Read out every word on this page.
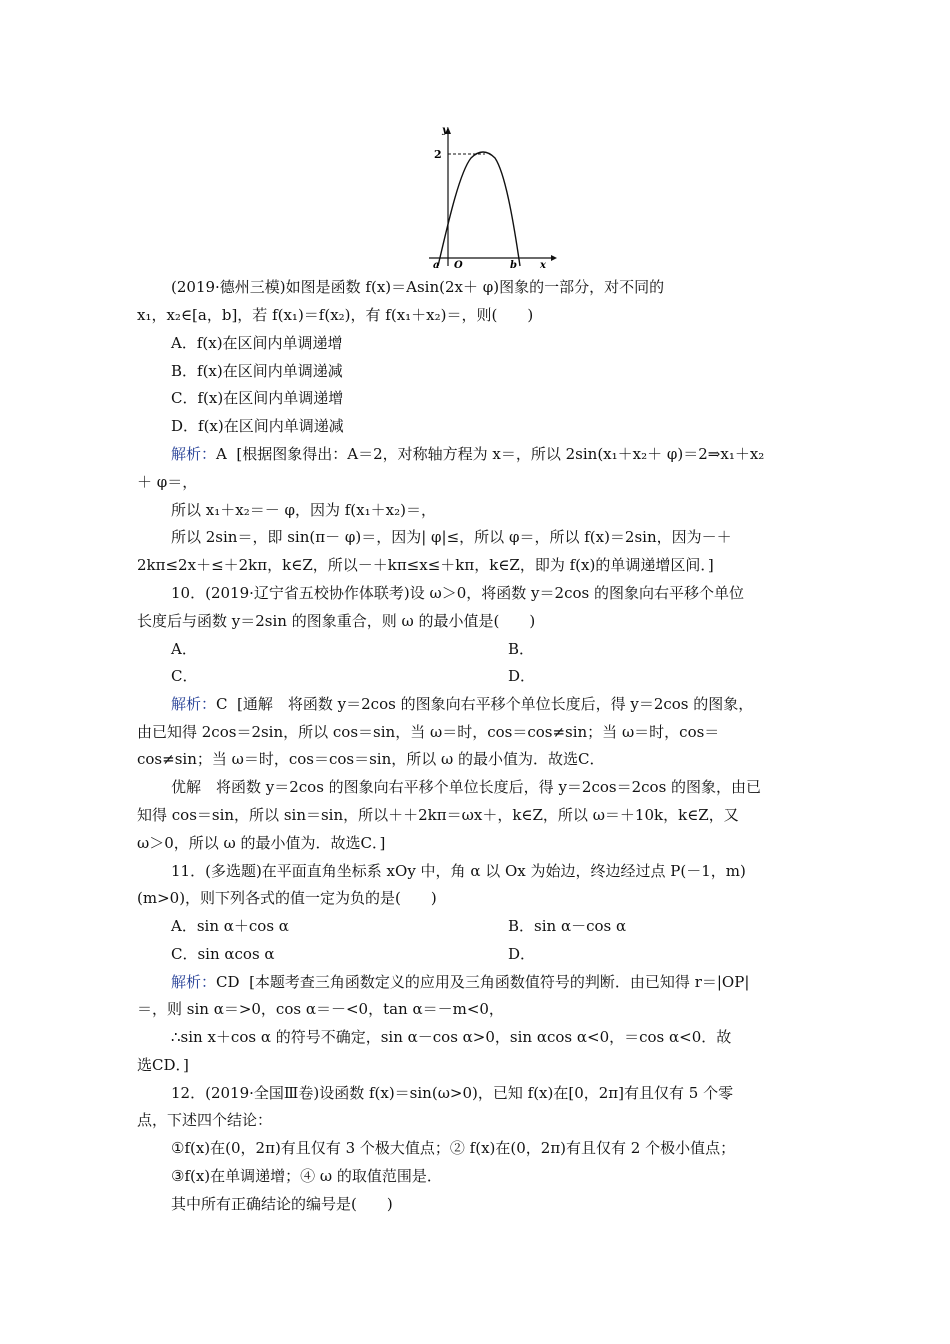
y
x
2
a O	b
(2019·德州三模)如图是函数 f(x)＝Asin(2x＋ φ)图象的一部分，对不同的
x₁，x₂∈[a，b]，若 f(x₁)＝f(x₂)，有 f(x₁＋x₂)＝，则(　　)
A．f(x)在区间内单调递增
B．f(x)在区间内单调递减
C．f(x)在区间内单调递增
D．f(x)在区间内单调递减
解析：A [根据图象得出：A＝2，对称轴方程为 x＝，所以 2sin(x₁＋x₂＋ φ)＝2⇒x₁＋x₂
＋ φ＝，
所以 x₁＋x₂＝－ φ，因为 f(x₁＋x₂)＝，
所以 2sin＝，即 sin(π－ φ)＝，因为| φ|≤，所以 φ＝，所以 f(x)＝2sin，因为－＋
2kπ≤2x＋≤＋2kπ，k∈Z，所以－＋kπ≤x≤＋kπ，k∈Z，即为 f(x)的单调递增区间．]
10．(2019·辽宁省五校协作体联考)设 ω＞0，将函数 y＝2cos 的图象向右平移个单位
长度后与函数 y＝2sin 的图象重合，则 ω 的最小值是(　　)
A．	B．
C．	D．
解析：C [通解　将函数 y＝2cos 的图象向右平移个单位长度后，得 y＝2cos 的图象，
由已知得 2cos＝2sin，所以 cos＝sin，当 ω＝时，cos＝cos≠sin；当 ω＝时，cos＝
cos≠sin；当 ω＝时，cos＝cos＝sin，所以 ω 的最小值为．故选C．
优解　将函数 y＝2cos 的图象向右平移个单位长度后，得 y＝2cos＝2cos 的图象，由已
知得 cos＝sin，所以 sin＝sin，所以＋＋2kπ＝ωx＋，k∈Z，所以 ω＝＋10k，k∈Z，又
ω＞0，所以 ω 的最小值为．故选C．]
11．(多选题)在平面直角坐标系 xOy 中，角 α 以 Ox 为始边，终边经过点 P(－1，m)
(m>0)，则下列各式的值一定为负的是(　　)
A．sin α＋cos α	B．sin α－cos α
C．sin αcos α	D．
解析：CD [本题考查三角函数定义的应用及三角函数值符号的判断．由已知得 r＝|OP|
＝，则 sin α＝>0，cos α＝－<0，tan α＝－m<0，
∴sin x＋cos α 的符号不确定，sin α－cos α>0，sin αcos α<0，＝cos α<0．故
选CD．]
12．(2019·全国Ⅲ卷)设函数 f(x)＝sin(ω>0)，已知 f(x)在[0，2π]有且仅有 5 个零
点，下述四个结论：
①f(x)在(0，2π)有且仅有 3 个极大值点；② f(x)在(0，2π)有且仅有 2 个极小值点；
③f(x)在单调递增；④ ω 的取值范围是．
其中所有正确结论的编号是(　　)
